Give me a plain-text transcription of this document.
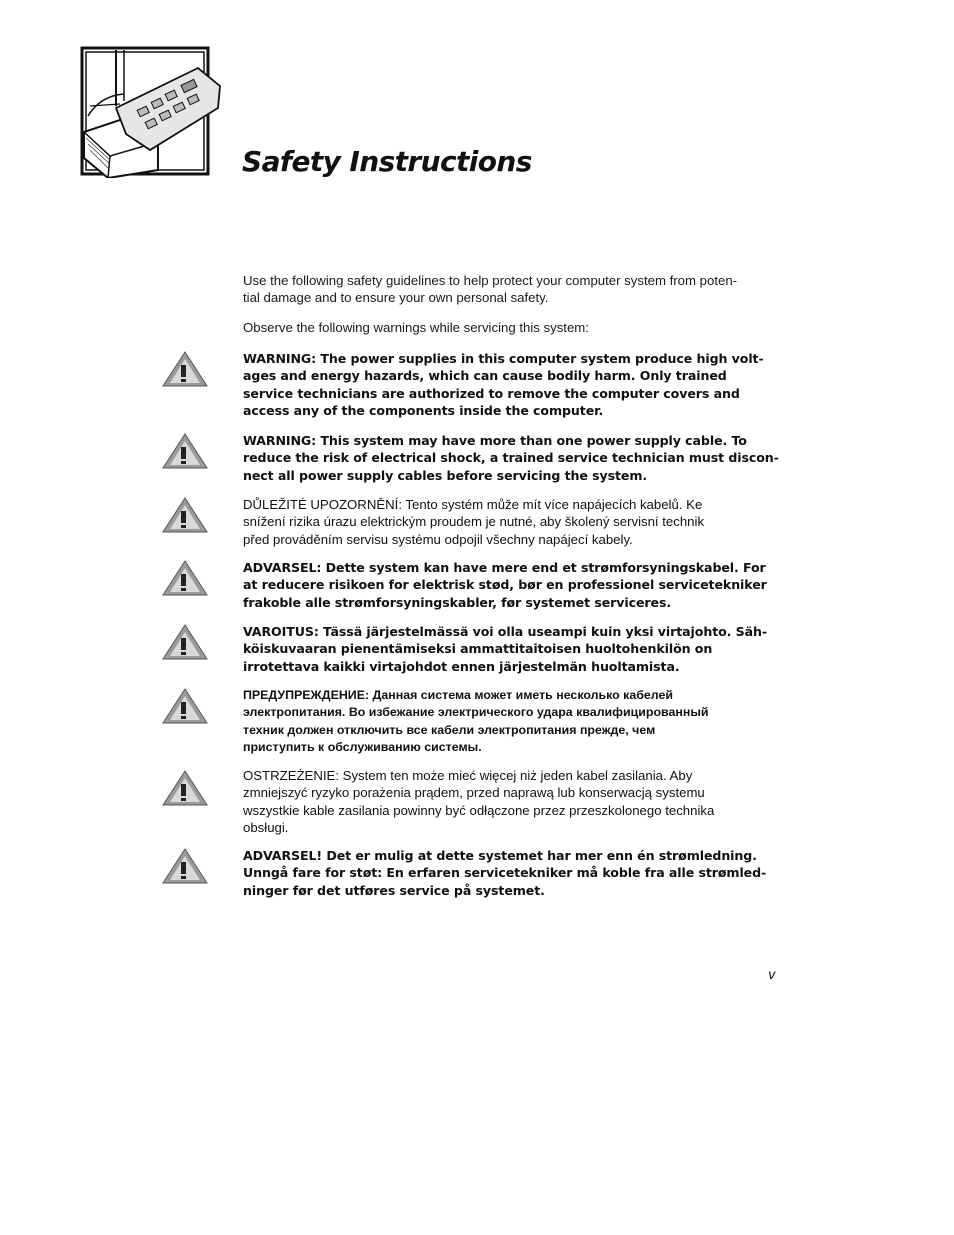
Safety Instructions

Use the following safety guidelines to help protect your computer system from poten-
tial damage and to ensure your own personal safety.

Observe the following warnings while servicing this system:

WARNING: The power supplies in this computer system produce high volt-
ages and energy hazards, which can cause bodily harm. Only trained
service technicians are authorized to remove the computer covers and
access any of the components inside the computer.
WARNING: This system may have more than one power supply cable. To
reduce the risk of electrical shock, a trained service technician must discon-
nect all power supply cables before servicing the system.
DŮLEŽITÉ UPOZORNĚNÍ: Tento systém může mít více napájecích kabelů. Ke
snížení rizika úrazu elektrickým proudem je nutné, aby školený servisní technik
před prováděním servisu systému odpojil všechny napájecí kabely.
ADVARSEL: Dette system kan have mere end et strømforsyningskabel. For
at reducere risikoen for elektrisk stød, bør en professionel servicetekniker
frakoble alle strømforsyningskabler, før systemet serviceres.
VAROITUS: Tässä järjestelmässä voi olla useampi kuin yksi virtajohto. Säh-
köiskuvaaran pienentämiseksi ammattitaitoisen huoltohenkilön on
irrotettava kaikki virtajohdot ennen järjestelmän huoltamista.
ПРЕДУПРЕЖДЕНИЕ: Данная система может иметь несколько кабелей
электропитания. Во избежание электрического удара квалифицированный
техник должен отключить все кабели электропитания прежде, чем
приступить к обслуживанию системы.
OSTRZEŻENIE: System ten może mieć więcej niż jeden kabel zasilania. Aby
zmniejszyć ryzyko porażenia prądem, przed naprawą lub konserwacją systemu
wszystkie kable zasilania powinny być odłączone przez przeszkolonego technika
obsługi.
ADVARSEL! Det er mulig at dette systemet har mer enn én strømledning.
Unngå fare for støt: En erfaren servicetekniker må koble fra alle strømled-
ninger før det utføres service på systemet.
v
